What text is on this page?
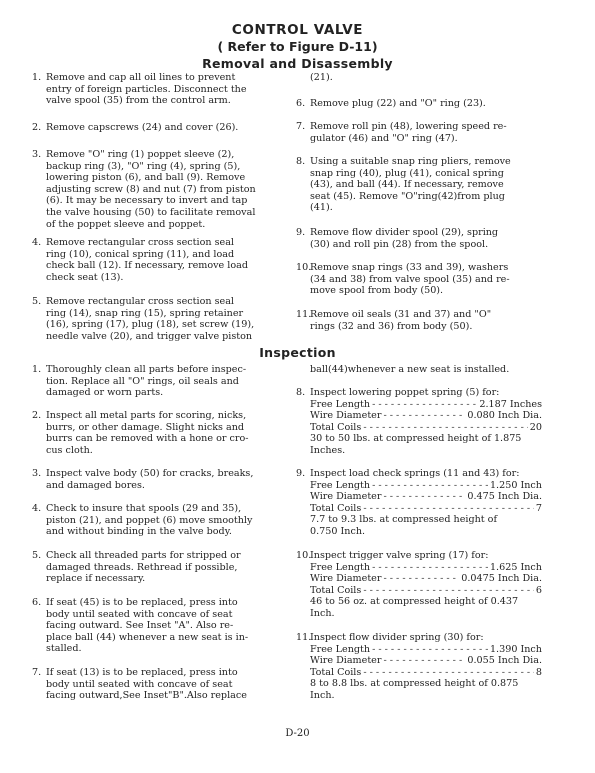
CONTROL VALVE
( Refer to Figure D-11)
Removal and Disassembly
1. Remove and cap all oil lines to prevent
entry of foreign particles. Disconnect the
valve spool (35) from the control arm.
2. Remove capscrews (24) and cover (26).
3. Remove "O" ring (1) poppet sleeve (2),
backup ring (3), "O" ring (4), spring (5),
lowering piston (6), and ball (9). Remove
adjusting screw (8) and nut (7) from piston
(6). It may be necessary to invert and tap
the valve housing (50) to facilitate removal
of the poppet sleeve and poppet.
4. Remove rectangular cross section seal
ring (10), conical spring (11), and load
check ball (12). If necessary, remove load
check seat (13).
5. Remove rectangular cross section seal
ring (14), snap ring (15), spring retainer
(16), spring (17), plug (18), set screw (19),
needle valve (20), and trigger valve piston
(21).
6. Remove plug (22) and "O" ring (23).
7. Remove roll pin (48), lowering speed re-
gulator (46) and "O" ring (47).
8. Using a suitable snap ring pliers, remove
snap ring (40), plug (41), conical spring
(43), and ball (44). If necessary, remove
seat (45). Remove "O"ring(42)from plug
(41).
9. Remove flow divider spool (29), spring
(30) and roll pin (28) from the spool.
10.
Remove snap rings (33 and 39), washers
(34 and 38) from valve spool (35) and re-
move spool from body (50).
11.
Remove oil seals (31 and 37) and "O"
rings (32 and 36) from body (50).
Inspection
1. Thoroughly clean all parts before inspec-
tion. Replace all "O" rings, oil seals and
damaged or worn parts.
2. Inspect all metal parts for scoring, nicks,
burrs, or other damage. Slight nicks and
burrs can be removed with a hone or cro-
cus cloth.
3. Inspect valve body (50) for cracks, breaks,
and damaged bores.
4. Check to insure that spools (29 and 35),
piston (21), and poppet (6) move smoothly
and without binding in the valve body.
5. Check all threaded parts for stripped or
damaged threads. Rethread if possible,
replace if necessary.
6. If seat (45) is to be replaced, press into
body until seated with concave of seat
facing outward. See Inset "A". Also re-
place ball (44) whenever a new seat is in-
stalled.
7. If seat (13) is to be replaced, press into
body until seated with concave of seat
facing outward,See Inset"B".Also replace
ball(44)whenever a new seat is installed.
8. Inspect lowering poppet spring (5) for:
Free Length - - -	2.187 Inches
Wire Diameter - - -	0.080 Inch Dia.
Total Coils - - -	20
30 to 50 lbs. at compressed height of 1.875
Inches.
9. Inspect load check springs (11 and 43) for:
Free Length - - -	1.250 Inch
Wire Diameter - - -	0.475 Inch Dia.
Total Coils - - -	7
7.7 to 9.3 lbs. at compressed height of
0.750 Inch.
10.
Inspect trigger valve spring (17) for:
Free Length - - -	1.625 Inch
Wire Diameter - - -	0.0475 Inch Dia.
Total Coils - - -	6
46 to 56 oz. at compressed height of 0.437
Inch.
11.
Inspect flow divider spring (30) for:
Free Length - - -	1.390 Inch
Wire Diameter - - -	0.055 Inch Dia.
Total Coils - - -	8
8 to 8.8 lbs. at compressed height of 0.875
Inch.
D-20
